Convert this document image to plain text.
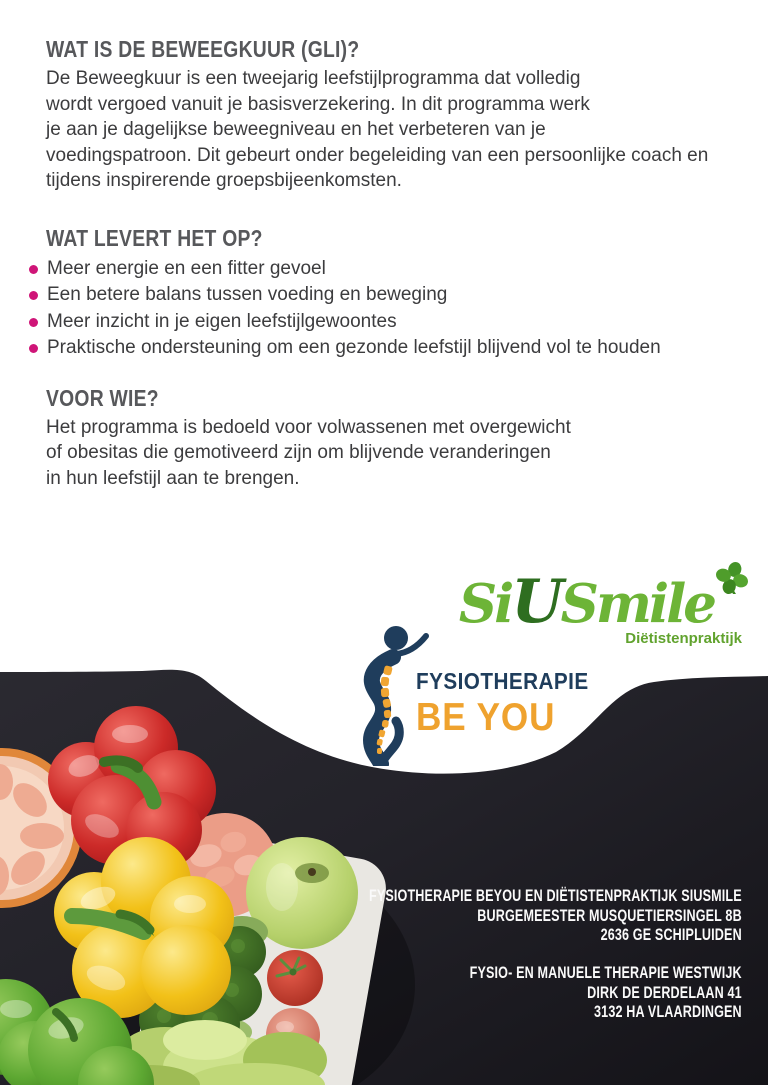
WAT IS DE BEWEEGKUUR (GLI)?
De Beweegkuur is een tweejarig leefstijlprogramma dat volledig
wordt vergoed vanuit je basisverzekering. In dit programma werk
je aan je dagelijkse beweegniveau en het verbeteren van je
voedingspatroon. Dit gebeurt onder begeleiding van een persoonlijke coach en
tijdens inspirerende groepsbijeenkomsten.
WAT LEVERT HET OP?
Meer energie en een fitter gevoel
Een betere balans tussen voeding en beweging
Meer inzicht in je eigen leefstijlgewoontes
Praktische ondersteuning om een gezonde leefstijl blijvend vol te houden
VOOR WIE?
Het programma is bedoeld voor volwassenen met overgewicht
of obesitas die gemotiveerd zijn om blijvende veranderingen
in hun leefstijl aan te brengen.
SiUSmile
Diëtistenpraktijk
FYSIOTHERAPIE
BE YOU
FYSIOTHERAPIE BEYOU EN DIËTISTENPRAKTIJK SIUSMILE
BURGEMEESTER MUSQUETIERSINGEL 8B
2636 GE SCHIPLUIDEN
FYSIO- EN MANUELE THERAPIE WESTWIJK
DIRK DE DERDELAAN 41
3132 HA VLAARDINGEN
